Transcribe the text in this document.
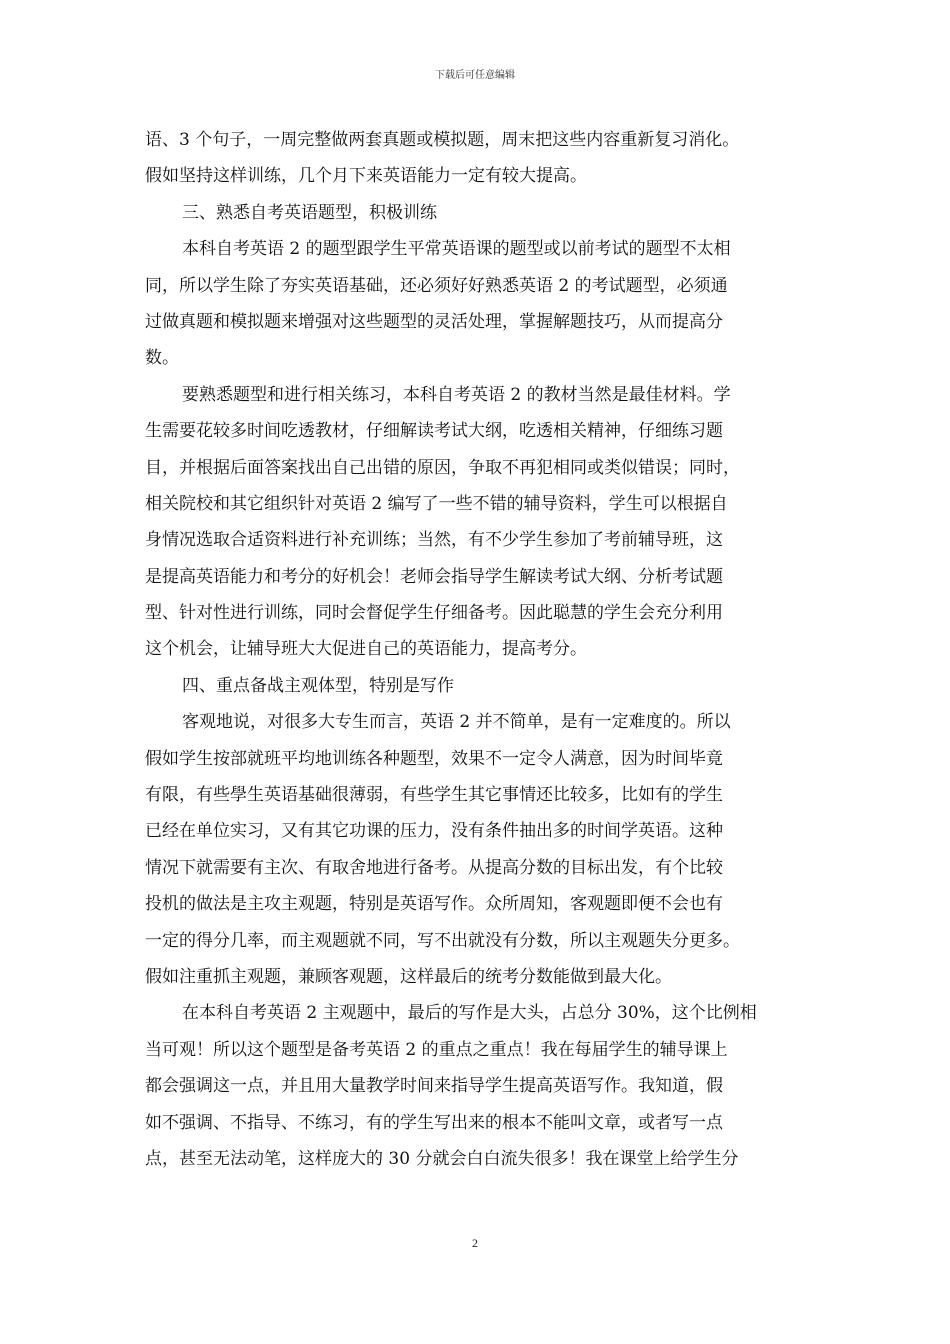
下载后可任意编辑
语、3 个句子，一周完整做两套真题或模拟题，周末把这些内容重新复习消化。
假如坚持这样训练，几个月下来英语能力一定有较大提高。
三、熟悉自考英语题型，积极训练
本科自考英语 2 的题型跟学生平常英语课的题型或以前考试的题型不太相
同，所以学生除了夯实英语基础，还必须好好熟悉英语 2 的考试题型，必须通
过做真题和模拟题来增强对这些题型的灵活处理，掌握解题技巧，从而提高分
数。
要熟悉题型和进行相关练习，本科自考英语 2 的教材当然是最佳材料。学
生需要花较多时间吃透教材，仔细解读考试大纲，吃透相关精神，仔细练习题
目，并根据后面答案找出自己出错的原因，争取不再犯相同或类似错误；同时，
相关院校和其它组织针对英语 2 编写了一些不错的辅导资料，学生可以根据自
身情况选取合适资料进行补充训练；当然，有不少学生参加了考前辅导班，这
是提高英语能力和考分的好机会！老师会指导学生解读考试大纲、分析考试题
型、针对性进行训练，同时会督促学生仔细备考。因此聪慧的学生会充分利用
这个机会，让辅导班大大促进自己的英语能力，提高考分。
四、重点备战主观体型，特别是写作
客观地说，对很多大专生而言，英语 2 并不简单，是有一定难度的。所以
假如学生按部就班平均地训练各种题型，效果不一定令人满意，因为时间毕竟
有限，有些學生英语基础很薄弱，有些学生其它事情还比较多，比如有的学生
已经在单位实习，又有其它功课的压力，没有条件抽出多的时间学英语。这种
情况下就需要有主次、有取舍地进行备考。从提高分数的目标出发，有个比较
投机的做法是主攻主观题，特别是英语写作。众所周知，客观题即便不会也有
一定的得分几率，而主观题就不同，写不出就没有分数，所以主观题失分更多。
假如注重抓主观题，兼顾客观题，这样最后的统考分数能做到最大化。
在本科自考英语 2 主观题中，最后的写作是大头，占总分 30%，这个比例相
当可观！所以这个题型是备考英语 2 的重点之重点！我在每届学生的辅导课上
都会强调这一点，并且用大量教学时间来指导学生提高英语写作。我知道，假
如不强调、不指导、不练习，有的学生写出来的根本不能叫文章，或者写一点
点，甚至无法动笔，这样庞大的 30 分就会白白流失很多！我在课堂上给学生分
2
